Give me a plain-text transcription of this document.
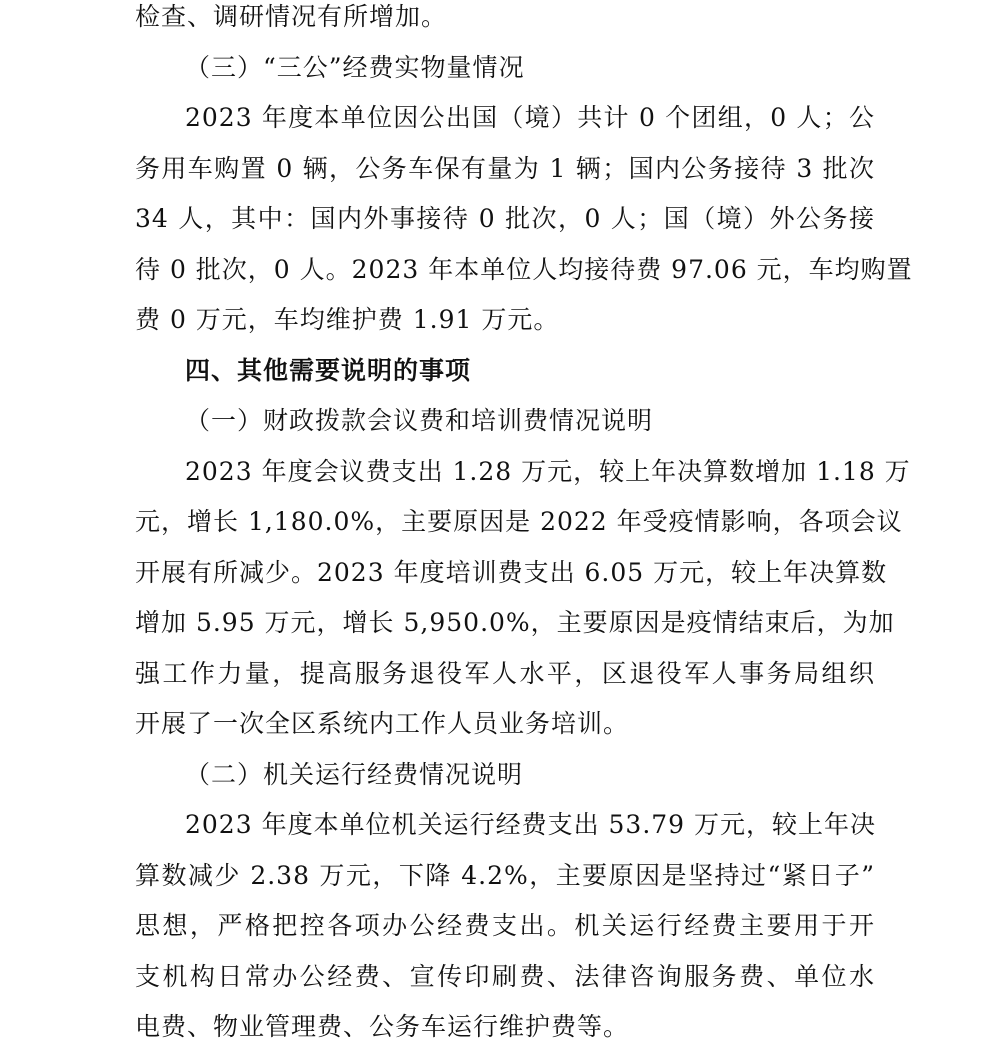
检查、调研情况有所增加。
（三）“三公”经费实物量情况
2023 年度本单位因公出国（境）共计 0 个团组，0 人；公
务用车购置 0 辆，公务车保有量为 1 辆；国内公务接待 3 批次
34 人，其中：国内外事接待 0 批次，0 人；国（境）外公务接
待 0 批次，0 人。2023 年本单位人均接待费 97.06 元，车均购置
费 0 万元，车均维护费 1.91 万元。
四、其他需要说明的事项
（一）财政拨款会议费和培训费情况说明
2023 年度会议费支出 1.28 万元，较上年决算数增加 1.18 万
元，增长 1,180.0%，主要原因是 2022 年受疫情影响，各项会议
开展有所减少。2023 年度培训费支出 6.05 万元，较上年决算数
增加 5.95 万元，增长 5,950.0%，主要原因是疫情结束后，为加
强工作力量，提高服务退役军人水平，区退役军人事务局组织
开展了一次全区系统内工作人员业务培训。
（二）机关运行经费情况说明
2023 年度本单位机关运行经费支出 53.79 万元，较上年决
算数减少 2.38 万元，下降 4.2%，主要原因是坚持过“紧日子”
思想，严格把控各项办公经费支出。机关运行经费主要用于开
支机构日常办公经费、宣传印刷费、法律咨询服务费、单位水
电费、物业管理费、公务车运行维护费等。
